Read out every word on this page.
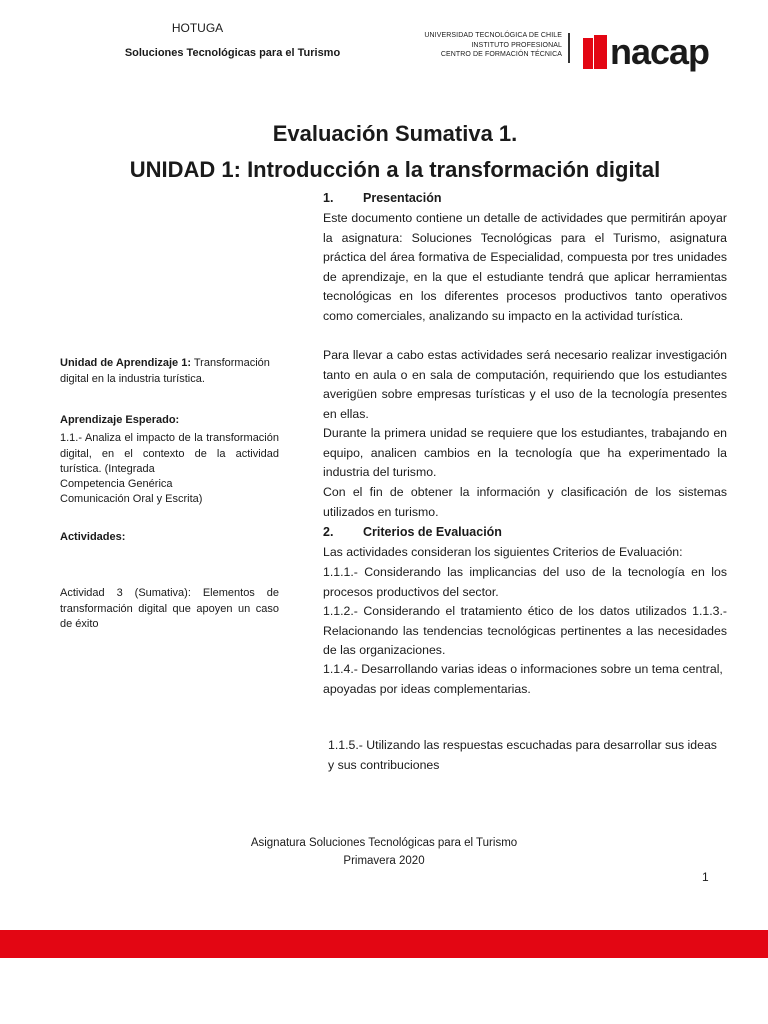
HOTUGA
Soluciones Tecnológicas para el Turismo
UNIVERSIDAD TECNOLÓGICA DE CHILE
INSTITUTO PROFESIONAL
CENTRO DE FORMACIÓN TÉCNICA nacap
Evaluación Sumativa 1.
UNIDAD 1: Introducción a la transformación digital
1. Presentación
Este documento contiene un detalle de actividades que permitirán apoyar la asignatura: Soluciones Tecnológicas para el Turismo, asignatura práctica del área formativa de Especialidad, compuesta por tres unidades de aprendizaje, en la que el estudiante tendrá que aplicar herramientas tecnológicas en los diferentes procesos productivos tanto operativos como comerciales, analizando su impacto en la actividad turística.
Para llevar a cabo estas actividades será necesario realizar investigación tanto en aula o en sala de computación, requiriendo que los estudiantes averigüen sobre empresas turísticas y el uso de la tecnología presentes en ellas.
Durante la primera unidad se requiere que los estudiantes, trabajando en equipo, analicen cambios en la tecnología que ha experimentado la industria del turismo.
Con el fin de obtener la información y clasificación de los sistemas utilizados en turismo.
2. Criterios de Evaluación
Las actividades consideran los siguientes Criterios de Evaluación:
1.1.1.- Considerando las implicancias del uso de la tecnología en los procesos productivos del sector.
1.1.2.- Considerando el tratamiento ético de los datos utilizados 1.1.3.- Relacionando las tendencias tecnológicas pertinentes a las necesidades de las organizaciones.
1.1.4.- Desarrollando varias ideas o informaciones sobre un tema central, apoyadas por ideas complementarias.
1.1.5.- Utilizando las respuestas escuchadas para desarrollar sus ideas y sus contribuciones
Unidad de Aprendizaje 1: Transformación digital en la industria turística.
Aprendizaje Esperado:
1.1.- Analiza el impacto de la transformación digital, en el contexto de la actividad turística. (Integrada
Competencia Genérica
Comunicación Oral y Escrita)
Actividades:
Actividad 3 (Sumativa): Elementos de transformación digital que apoyen un caso de éxito
Asignatura Soluciones Tecnológicas para el Turismo
Primavera 2020
1
